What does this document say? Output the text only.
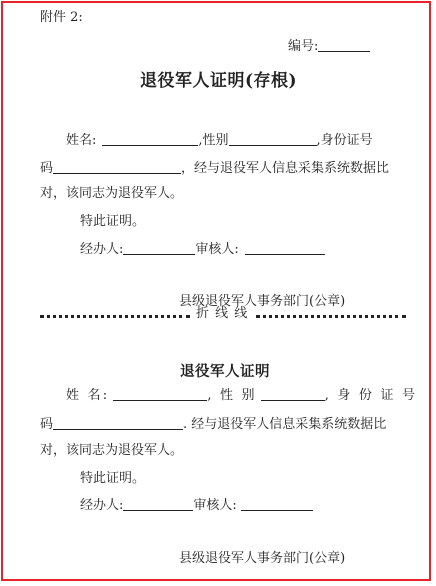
附件 2:
编号:
退役军人证明(存根)
姓名:	,性别	,身份证号
码	，经与退役军人信息采集系统数据比
对，该同志为退役军人。
特此证明。
经办人:	审核人:
县级退役军人事务部门(公章)
折 线 线
退役军人证明
姓 名:	, 性 别	, 身 份 证 号
码	. 经与退役军人信息采集系统数据比
对，该同志为退役军人。
特此证明。
经办人:	审核人:
县级退役军人事务部门(公章)
